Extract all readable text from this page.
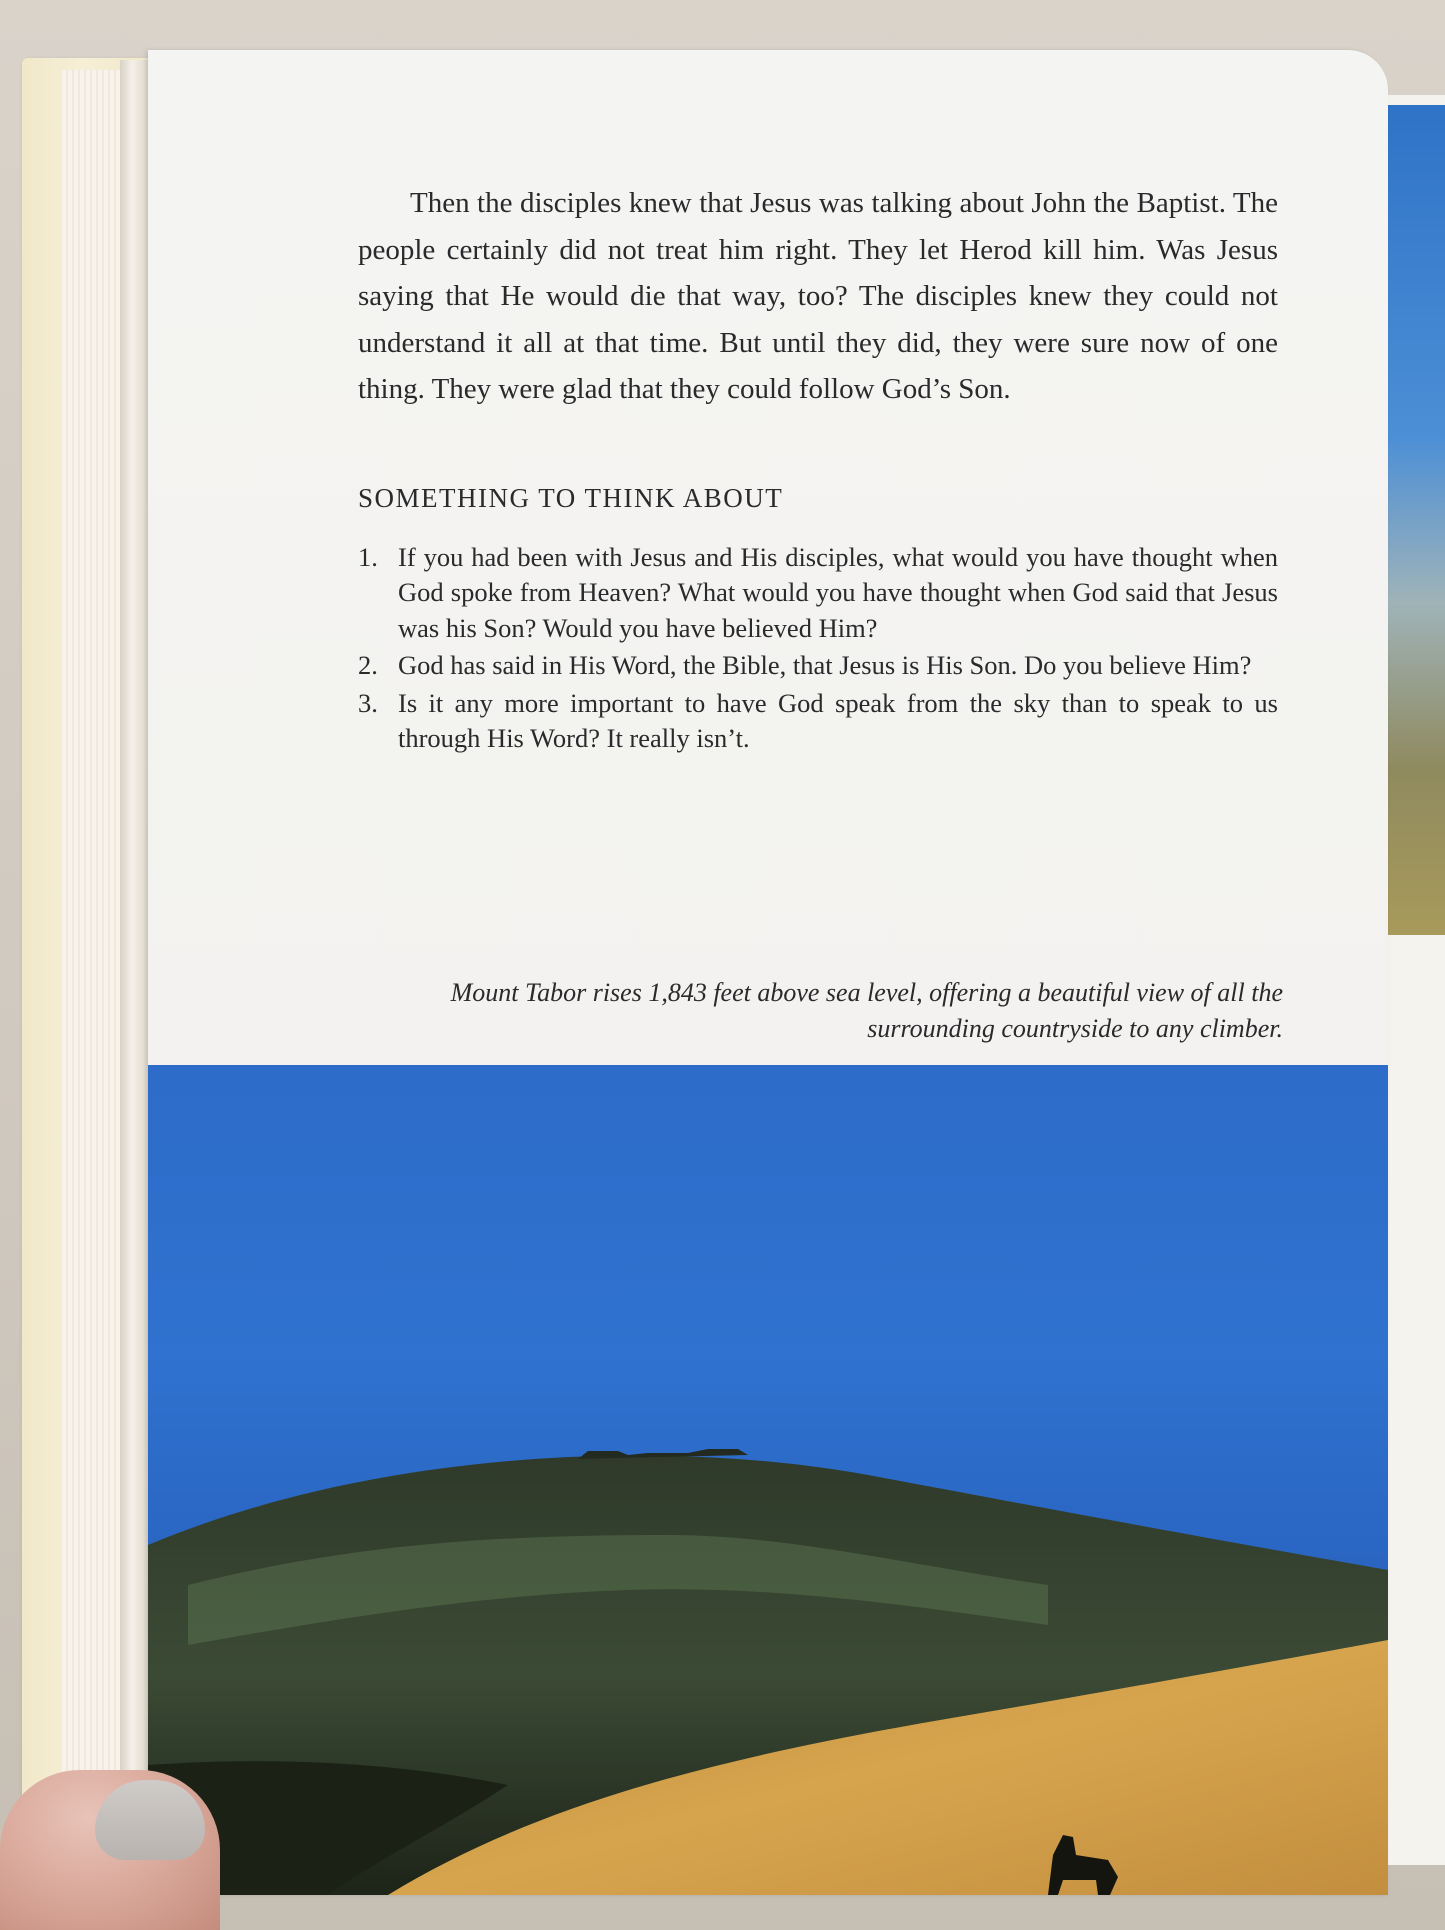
Then the disciples knew that Jesus was talking about John the Baptist. The people certainly did not treat him right. They let Herod kill him. Was Jesus saying that He would die that way, too? The disciples knew they could not understand it all at that time. But until they did, they were sure now of one thing. They were glad that they could follow God’s Son.

SOMETHING TO THINK ABOUT
1. If you had been with Jesus and His disciples, what would you have thought when God spoke from Heaven? What would you have thought when God said that Jesus was his Son? Would you have believed Him?
2. God has said in His Word, the Bible, that Jesus is His Son. Do you believe Him?
3. Is it any more important to have God speak from the sky than to speak to us through His Word? It really isn’t.

Mount Tabor rises 1,843 feet above sea level, offering a beautiful view of all the surrounding countryside to any climber.
